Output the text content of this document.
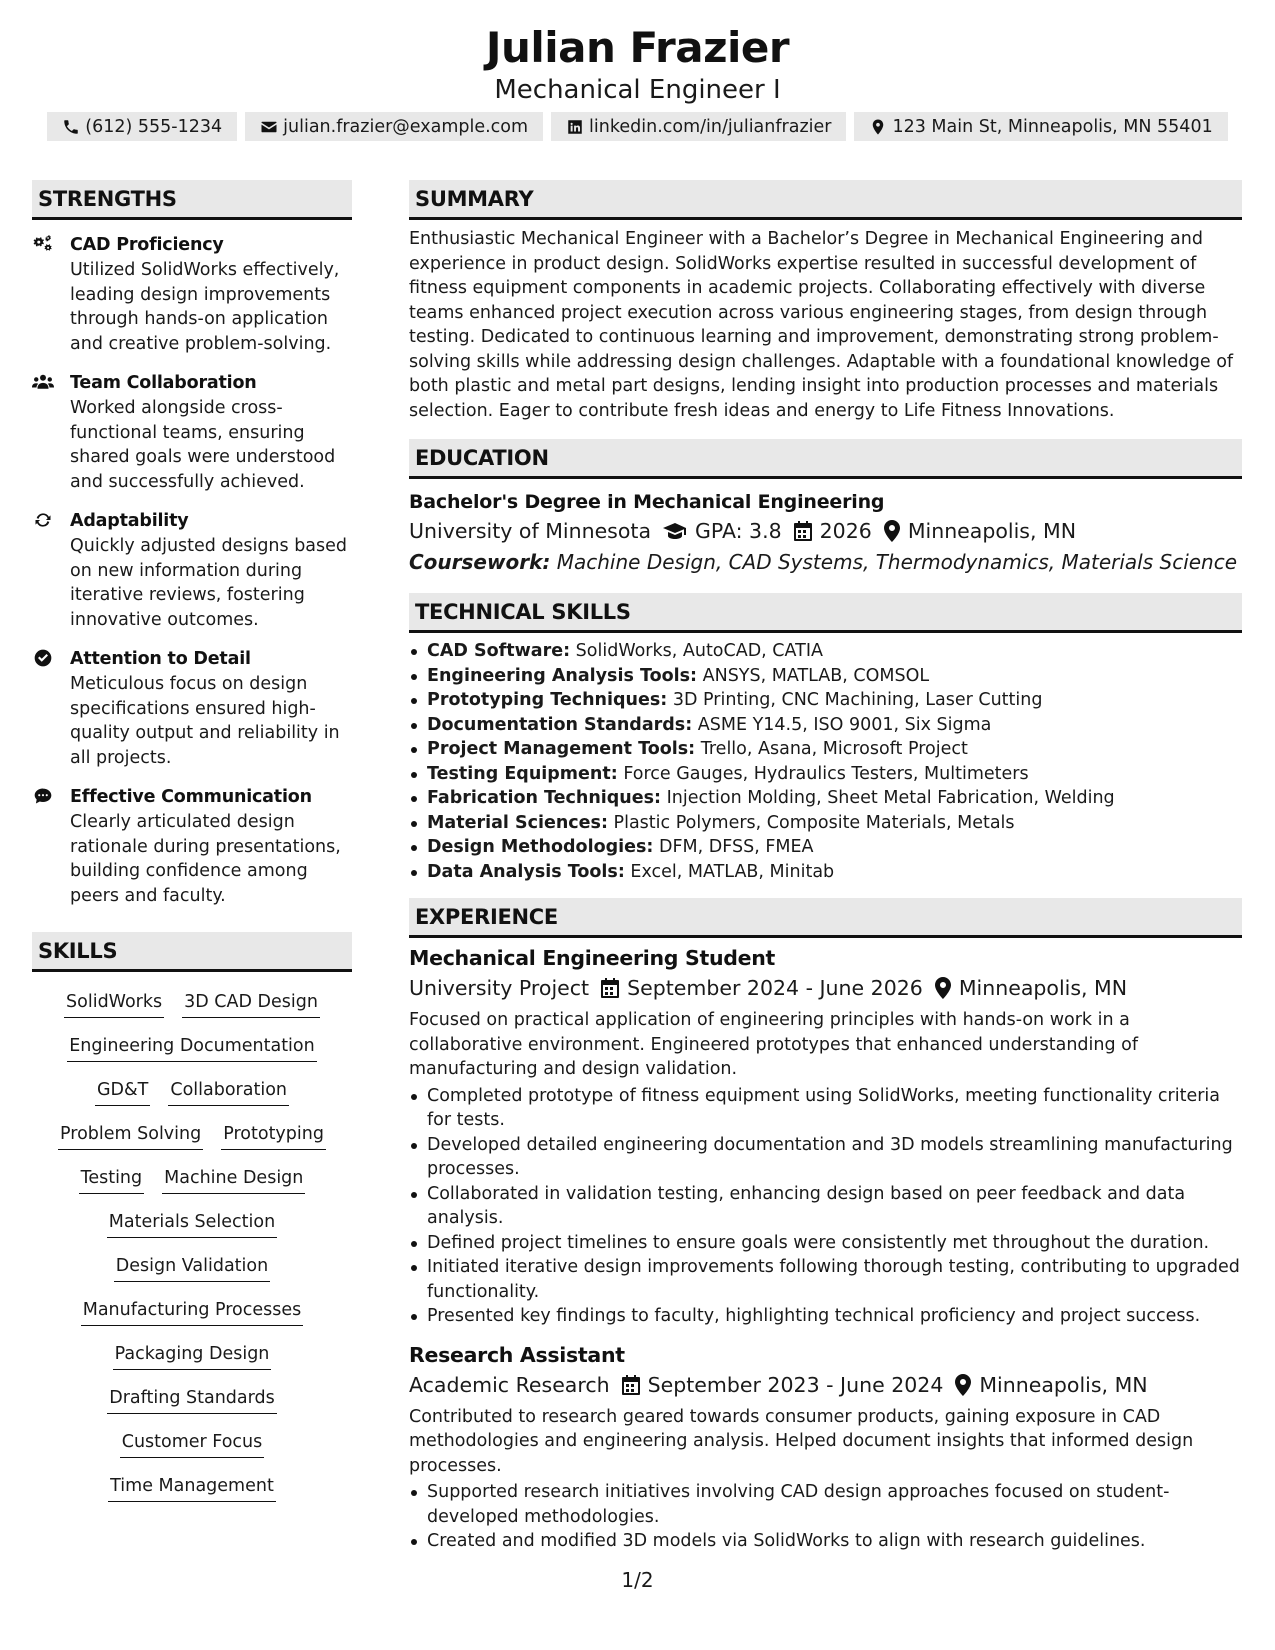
Julian Frazier
Mechanical Engineer I
(612) 555-1234	julian.frazier@example.com	linkedin.com/in/julianfrazier	123 Main St, Minneapolis, MN 55401
STRENGTHS
CAD Proficiency
Utilized SolidWorks effectively, leading design improvements through hands-on application and creative problem-solving.
Team Collaboration
Worked alongside cross-functional teams, ensuring shared goals were understood and successfully achieved.
Adaptability
Quickly adjusted designs based on new information during iterative reviews, fostering innovative outcomes.
Attention to Detail
Meticulous focus on design specifications ensured high-quality output and reliability in all projects.
Effective Communication
Clearly articulated design rationale during presentations, building confidence among peers and faculty.
SKILLS
SolidWorks 3D CAD Design
Engineering Documentation
GD&T Collaboration
Problem Solving Prototyping
Testing Machine Design
Materials Selection
Design Validation
Manufacturing Processes
Packaging Design
Drafting Standards
Customer Focus
Time Management
SUMMARY

Enthusiastic Mechanical Engineer with a Bachelor’s Degree in Mechanical Engineering and experience in product design. SolidWorks expertise resulted in successful development of fitness equipment components in academic projects. Collaborating effectively with diverse teams enhanced project execution across various engineering stages, from design through testing. Dedicated to continuous learning and improvement, demonstrating strong problem-solving skills while addressing design challenges. Adaptable with a foundational knowledge of both plastic and metal part designs, lending insight into production processes and materials selection. Eager to contribute fresh ideas and energy to Life Fitness Innovations.

EDUCATION
Bachelor's Degree in Mechanical Engineering
University of Minnesota GPA: 3.8 2026 Minneapolis, MN
Coursework: Machine Design, CAD Systems, Thermodynamics, Materials Science
TECHNICAL SKILLS
CAD Software: SolidWorks, AutoCAD, CATIA
Engineering Analysis Tools: ANSYS, MATLAB, COMSOL
Prototyping Techniques: 3D Printing, CNC Machining, Laser Cutting
Documentation Standards: ASME Y14.5, ISO 9001, Six Sigma
Project Management Tools: Trello, Asana, Microsoft Project
Testing Equipment: Force Gauges, Hydraulics Testers, Multimeters
Fabrication Techniques: Injection Molding, Sheet Metal Fabrication, Welding
Material Sciences: Plastic Polymers, Composite Materials, Metals
Design Methodologies: DFM, DFSS, FMEA
Data Analysis Tools: Excel, MATLAB, Minitab
EXPERIENCE
Mechanical Engineering Student
University Project September 2024 - June 2026 Minneapolis, MN

Focused on practical application of engineering principles with hands-on work in a collaborative environment. Engineered prototypes that enhanced understanding of manufacturing and design validation.

Completed prototype of fitness equipment using SolidWorks, meeting functionality criteria for tests.
Developed detailed engineering documentation and 3D models streamlining manufacturing processes.
Collaborated in validation testing, enhancing design based on peer feedback and data analysis.
Defined project timelines to ensure goals were consistently met throughout the duration.
Initiated iterative design improvements following thorough testing, contributing to upgraded functionality.
Presented key findings to faculty, highlighting technical proficiency and project success.
Research Assistant
Academic Research September 2023 - June 2024 Minneapolis, MN

Contributed to research geared towards consumer products, gaining exposure in CAD methodologies and engineering analysis. Helped document insights that informed design processes.

Supported research initiatives involving CAD design approaches focused on student-developed methodologies.
Created and modified 3D models via SolidWorks to align with research guidelines.
1/2
